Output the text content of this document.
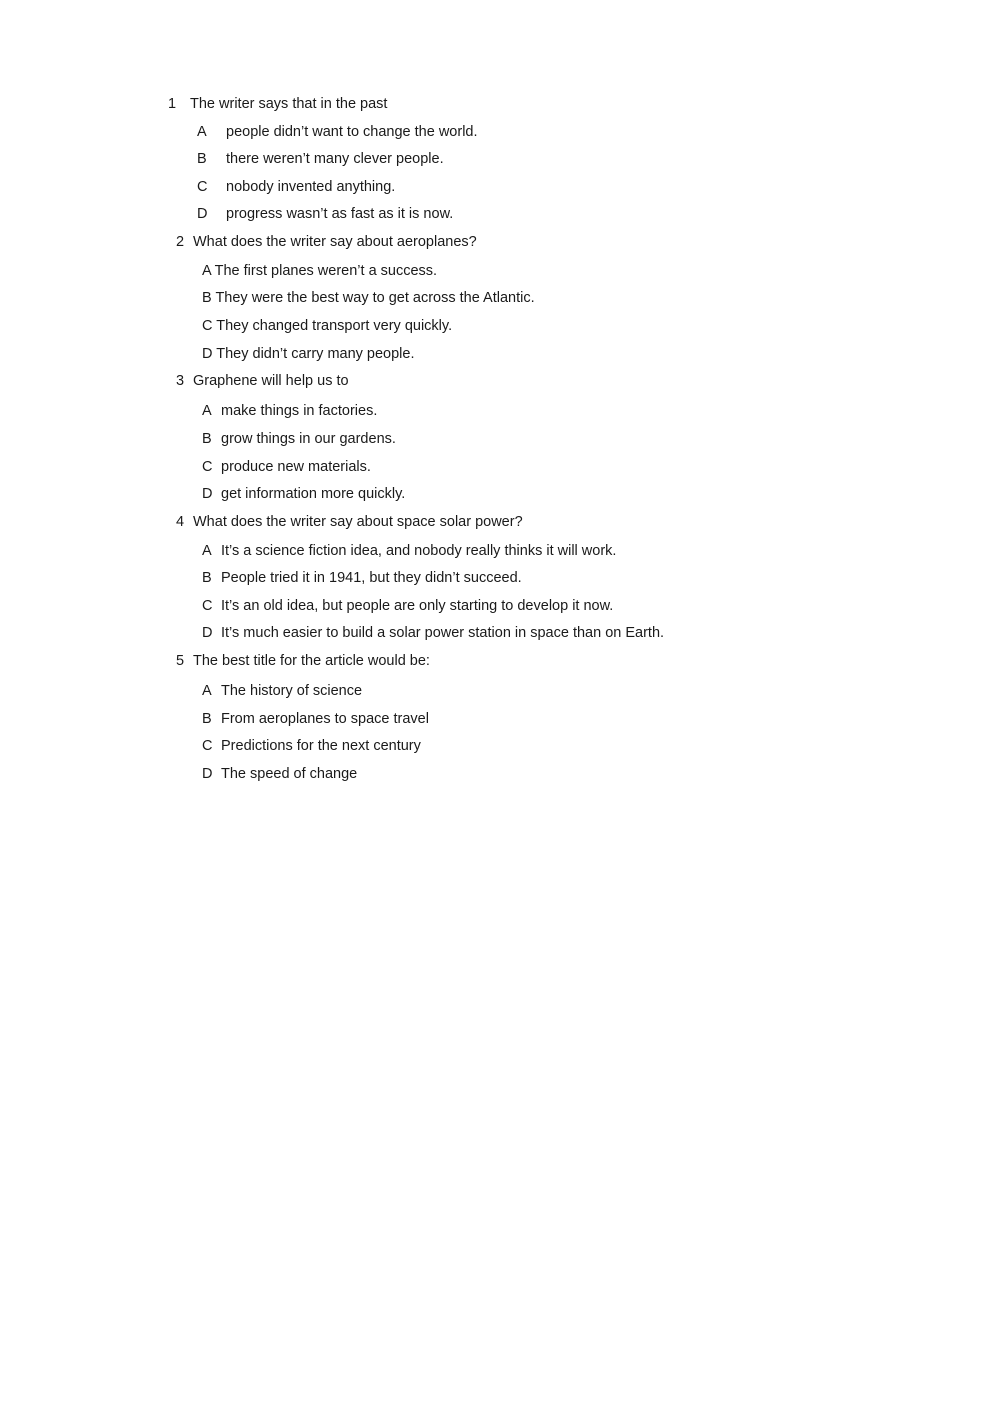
1 The writer says that in the past
A people didn’t want to change the world.
B there weren’t many clever people.
C nobody invented anything.
D progress wasn’t as fast as it is now.
2 What does the writer say about aeroplanes?
A The first planes weren’t a success.
B They were the best way to get across the Atlantic.
C They changed transport very quickly.
D They didn’t carry many people.
3 Graphene will help us to
A make things in factories.
B grow things in our gardens.
C produce new materials.
D get information more quickly.
4 What does the writer say about space solar power?
A It’s a science fiction idea, and nobody really thinks it will work.
B People tried it in 1941, but they didn’t succeed.
C It’s an old idea, but people are only starting to develop it now.
D It’s much easier to build a solar power station in space than on Earth.
5 The best title for the article would be:
A The history of science
B From aeroplanes to space travel
C Predictions for the next century
D The speed of change
